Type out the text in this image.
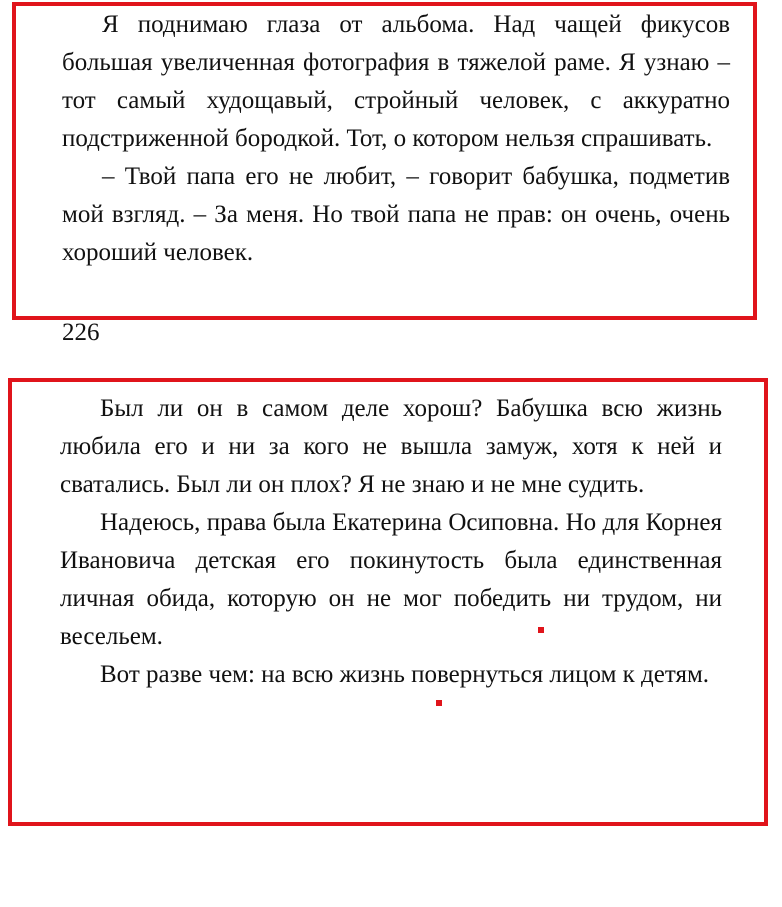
Я поднимаю глаза от альбома. Над чащей фикусов большая увеличенная фотография в тяжелой раме. Я узнаю – тот самый худощавый, стройный человек, с аккуратно подстриженной бородкой. Тот, о котором нельзя спрашивать.

– Твой папа его не любит, – говорит бабушка, подметив мой взгляд. – За меня. Но твой папа не прав: он очень, очень хороший человек.

226

Был ли он в самом деле хорош? Бабушка всю жизнь любила его и ни за кого не вышла замуж, хотя к ней и сватались. Был ли он плох? Я не знаю и не мне судить.

Надеюсь, права была Екатерина Осиповна. Но для Корнея Ивановича детская его покинутость была единственная личная обида, которую он не мог победить ни трудом, ни весельем.

Вот разве чем: на всю жизнь повернуться лицом к детям.
